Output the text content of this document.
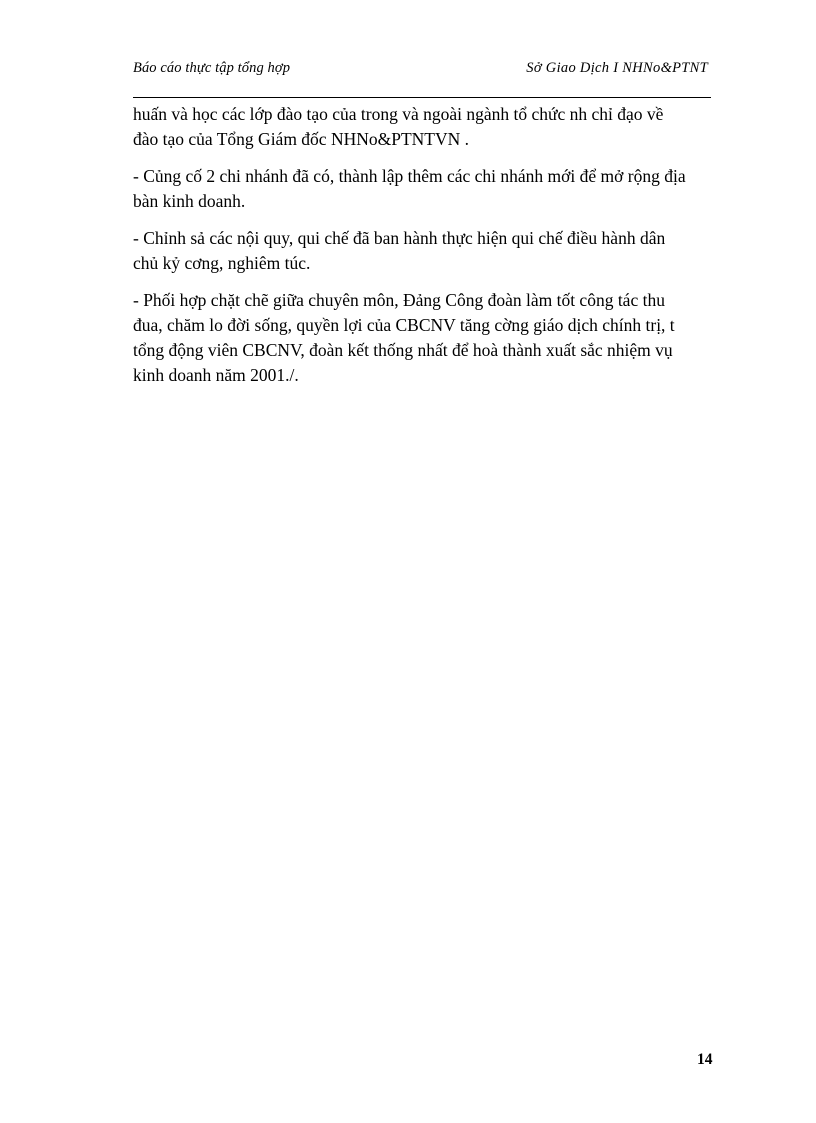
Báo cáo thực tập tổng hợp	Sở Giao Dịch I NHNo&PTNT

huấn và học các lớp đào tạo của trong và ngoài ngành tổ chức nh chỉ đạo về
đào tạo của Tổng Giám đốc NHNo&PTNTVN .

- Củng cố 2 chi nhánh đã có, thành lập thêm các chi nhánh mới để mở rộng địa
bàn kinh doanh.

- Chỉnh sả các nội quy, qui chế đã ban hành thực hiện qui chế điều hành dân
chủ kỷ cơng, nghiêm túc.

- Phối hợp chặt chẽ giữa chuyên môn, Đảng Công đoàn làm tốt công tác thu
đua, chăm lo đời sống, quyền lợi của CBCNV tăng cờng giáo dịch chính trị, t
tổng động viên CBCNV, đoàn kết thống nhất để hoà thành xuất sắc nhiệm vụ
kinh doanh năm 2001./.

14
